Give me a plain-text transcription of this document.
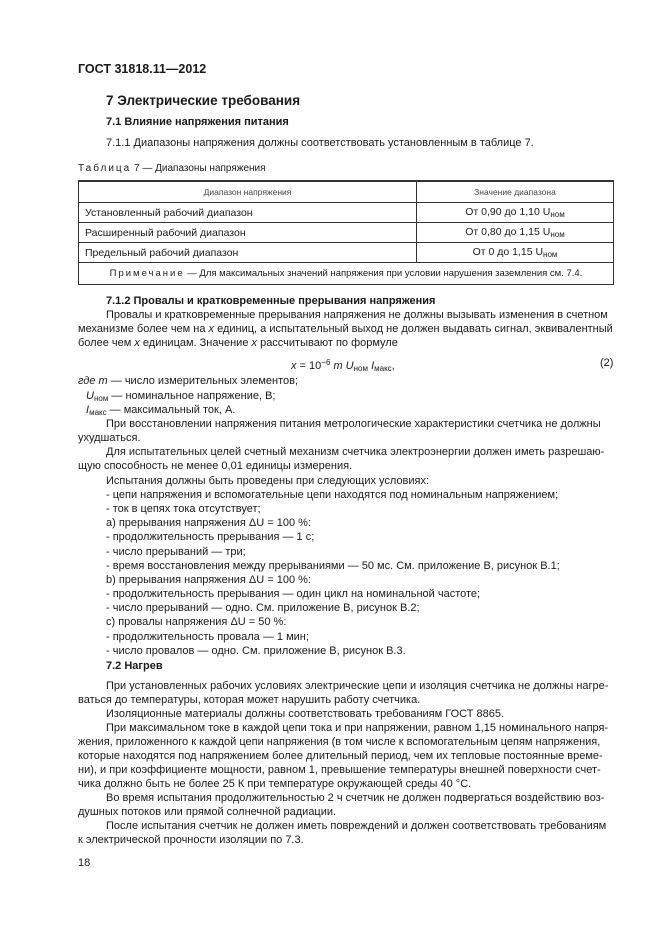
ГОСТ 31818.11—2012
7 Электрические требования
7.1 Влияние напряжения питания
7.1.1 Диапазоны напряжения должны соответствовать установленным в таблице 7.
Таблица 7 — Диапазоны напряжения
Диапазон напряжения	Значение диапазона
Установленный рабочий диапазон	От 0,90 до 1,10 $U_{ном}$
Расширенный рабочий диапазон	От 0,80 до 1,15 $U_{ном}$
Предельный рабочий диапазон	От 0 до 1,15 $U_{ном}$
Примечание — Для максимальных значений напряжения при условии нарушения заземления см. 7.4.	
7.1.2 Провалы и кратковременные прерывания напряжения
Провалы и кратковременные прерывания напряжения не должны вызывать изменения в счетном
механизме более чем на x единиц, а испытательный выход не должен выдавать сигнал, эквивалентный
более чем x единицам. Значение x рассчитывают по формуле
$x = 10^{-6}$ m $U_{ном}$ $I_{макс}$,	(2)
где m — число измерительных элементов;
$U_{ном}$ — номинальное напряжение, В;
$I_{макс}$ — максимальный ток, А.
При восстановлении напряжения питания метрологические характеристики счетчика не должны
ухудшаться.
Для испытательных целей счетный механизм счетчика электроэнергии должен иметь разрешаю-
щую способность не менее 0,01 единицы измерения.
Испытания должны быть проведены при следующих условиях:
- цепи напряжения и вспомогательные цепи находятся под номинальным напряжением;
- ток в цепях тока отсутствует;
а) прерывания напряжения ΔU = 100 %:
- продолжительность прерывания — 1 с;
- число прерываний — три;
- время восстановления между прерываниями — 50 мс. См. приложение В, рисунок В.1;
b) прерывания напряжения ΔU = 100 %:
- продолжительность прерывания — один цикл на номинальной частоте;
- число прерываний — одно. См. приложение В, рисунок В.2;
с) провалы напряжения ΔU = 50 %:
- продолжительность провала — 1 мин;
- число провалов — одно. См. приложение В, рисунок В.3.
7.2 Нагрев
При установленных рабочих условиях электрические цепи и изоляция счетчика не должны нагре-
ваться до температуры, которая может нарушить работу счетчика.
Изоляционные материалы должны соответствовать требованиям ГОСТ 8865.
При максимальном токе в каждой цепи тока и при напряжении, равном 1,15 номинального напря-
жения, приложенного к каждой цепи напряжения (в том числе к вспомогательным цепям напряжения,
которые находятся под напряжением более длительный период, чем их тепловые постоянные време-
ни), и при коэффициенте мощности, равном 1, превышение температуры внешней поверхности счет-
чика должно быть не более 25 К при температуре окружающей среды 40 °С.
Во время испытания продолжительностью 2 ч счетчик не должен подвергаться воздействию воз-
душных потоков или прямой солнечной радиации.
После испытания счетчик не должен иметь повреждений и должен соответствовать требованиям
к электрической прочности изоляции по 7.3.
18
